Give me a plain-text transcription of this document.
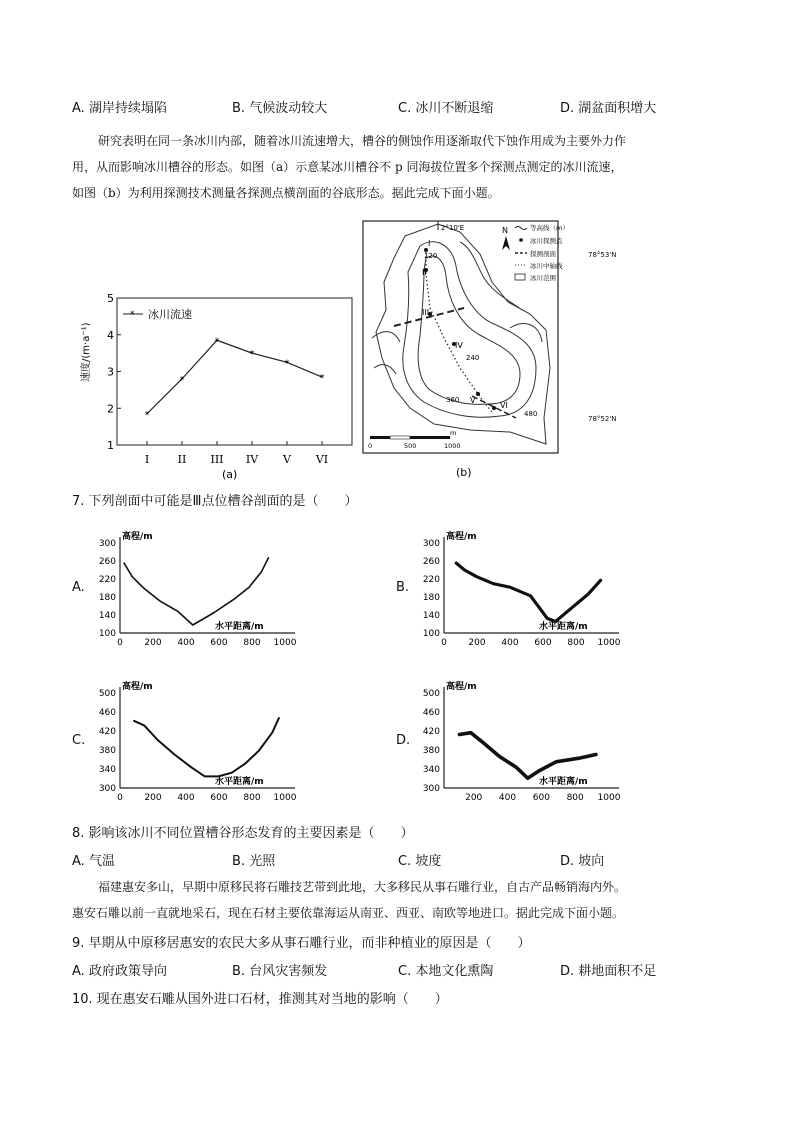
A. 湖岸持续塌陷	B. 气候波动较大	C. 冰川不断退缩	D. 湖盆面积增大
研究表明在同一条冰川内部，随着冰川流速增大，槽谷的侧蚀作用逐渐取代下蚀作用成为主要外力作
用，从而影响冰川槽谷的形态。如图（a）示意某冰川槽谷不 p 同海拔位置多个探测点测定的冰川流速，
如图（b）为利用探测技术测量各探测点横剖面的谷底形态。据此完成下面小题。
1
2
3
4
5
I	II III IV V VI
*
*
*
*
*
*
* 冰川流速
速度/(m·a⁻¹)
(a)
I
II
III
IV
V
VI
120
240
360
480
2°10'E	N	等高线（m）
冰川探测点
探测剖面
冰川中轴线
冰川范围
0	500	1000
m
(b)
78°53'N
78°52'N
7. 下列剖面中可能是Ⅲ点位槽谷剖面的是（　　）
A.
100
140
180
220
260
300
0 200 400 600 800 1000
高程/m
水平距离/m
B.
100
140
180
220
260
300
0 200 400 600 800 1000
高程/m
水平距离/m
C.
300
340
380
420
460
500
0 200 400 600 800 1000
高程/m
水平距离/m
D.
300
340
380
420
460
500
200 400 600 800 1000
高程/m
水平距离/m
8. 影响该冰川不同位置槽谷形态发育的主要因素是（　　）
A. 气温	B. 光照	C. 坡度	D. 坡向
福建惠安多山，早期中原移民将石雕技艺带到此地，大多移民从事石雕行业，自古产品畅销海内外。
惠安石雕以前一直就地采石，现在石材主要依靠海运从南亚、西亚、南欧等地进口。据此完成下面小题。
9. 早期从中原移居惠安的农民大多从事石雕行业，而非种植业的原因是（　　）
A. 政府政策导向	B. 台风灾害频发	C. 本地文化熏陶	D. 耕地面积不足
10. 现在惠安石雕从国外进口石材，推测其对当地的影响（　　）
